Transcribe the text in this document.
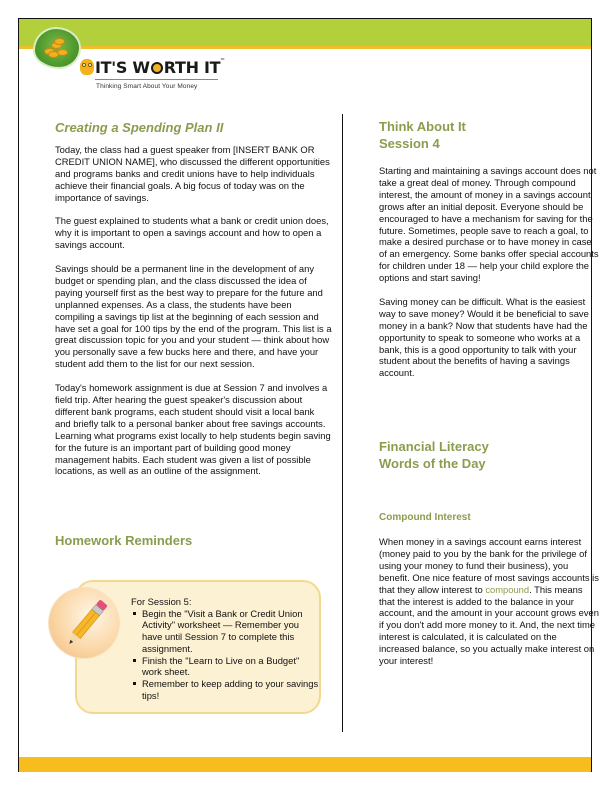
IT'S W RTH IT™
Thinking Smart About Your Money
Creating a Spending Plan II

Today, the class had a guest speaker from [INSERT BANK OR CREDIT UNION NAME], who discussed the different opportunities and programs banks and credit unions have to help individuals achieve their financial goals. A big focus of today was on the importance of savings.

The guest explained to students what a bank or credit union does, why it is important to open a savings account and how to open a savings account.

Savings should be a permanent line in the development of any budget or spending plan, and the class discussed the idea of paying yourself first as the best way to prepare for the future and unplanned expenses. As a class, the students have been compiling a savings tip list at the beginning of each session and have set a goal for 100 tips by the end of the program. This list is a great discussion topic for you and your student — think about how you personally save a few bucks here and there, and have your student add them to the list for our next session.

Today's homework assignment is due at Session 7 and involves a field trip. After hearing the guest speaker's discussion about different bank programs, each student should visit a local bank and briefly talk to a personal banker about free savings accounts. Learning what programs exist locally to help students begin saving for the future is an important part of building good money management habits. Each student was given a list of possible locations, as well as an outline of the assignment.

Homework Reminders
For Session 5:
Begin the "Visit a Bank or Credit Union Activity" worksheet — Remember you have until Session 7 to complete this assignment.
Finish the "Learn to Live on a Budget" work sheet.
Remember to keep adding to your savings tips!
Think About It
Session 4

Starting and maintaining a savings account does not take a great deal of money. Through compound interest, the amount of money in a savings account grows after an initial deposit. Everyone should be encouraged to have a mechanism for saving for the future. Sometimes, people save to reach a goal, to make a desired purchase or to have money in case of an emergency. Some banks offer special accounts for children under 18 — help your child explore the options and start saving!

Saving money can be difficult. What is the easiest way to save money? Would it be beneficial to save money in a bank? Now that students have had the opportunity to speak to someone who works at a bank, this is a good opportunity to talk with your student about the benefits of having a savings account.

Financial Literacy
Words of the Day
Compound Interest

When money in a savings account earns interest (money paid to you by the bank for the privilege of using your money to fund their business), you benefit. One nice feature of most savings accounts is that they allow interest to compound. This means that the interest is added to the balance in your account, and the amount in your account grows even if you don't add more money to it. And, the next time interest is calculated, it is calculated on the increased balance, so you actually make interest on your interest!
